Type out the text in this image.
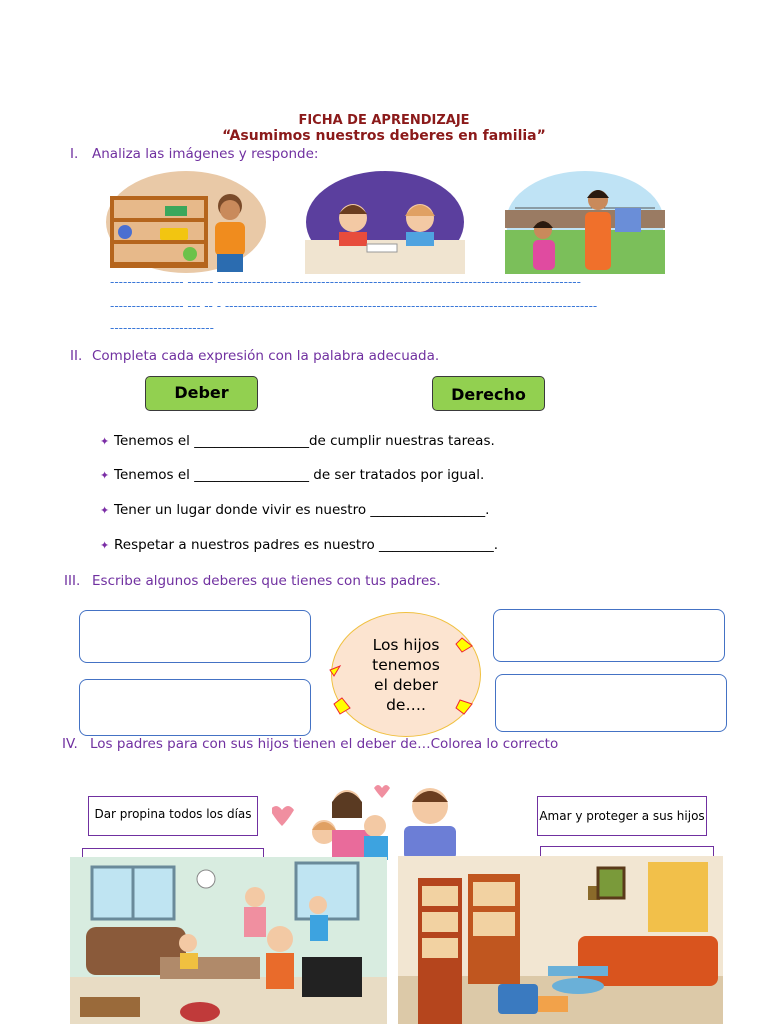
FICHA DE APRENDIZAJE
“Asumimos nuestros deberes en familia”
I. Analiza las imágenes y responde:
----------------- ------ ------------------------------------------------------------------------------------
----------------- --- -- - --------------------------------------------------------------------------------------
------------------------
II. Completa cada expresión con la palabra adecuada.
Deber	Derecho
✦ Tenemos el _________________de cumplir nuestras tareas.
✦ Tenemos el _________________ de ser tratados por igual.
✦ Tener un lugar donde vivir es nuestro _________________.
✦ Respetar a nuestros padres es nuestro _________________.
III. Escribe algunos deberes que tienes con tus padres.
Los hijos
tenemos
el deber
de….
IV. Los padres para con sus hijos tienen el deber de…Colorea lo correcto
Dar propina todos los días	Amar y proteger a sus hijos
